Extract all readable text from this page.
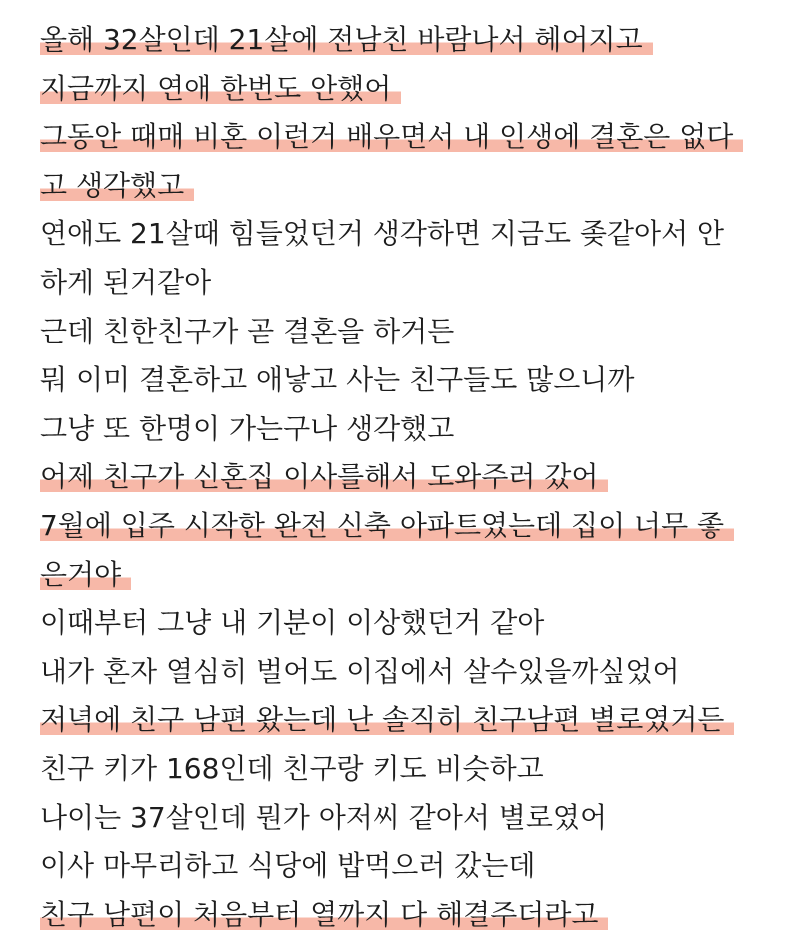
올해 32살인데 21살에 전남친 바람나서 헤어지고
지금까지 연애 한번도 안했어
그동안 때매 비혼 이런거 배우면서 내 인생에 결혼은 없다
고 생각했고
연애도 21살때 힘들었던거 생각하면 지금도 좆같아서 안
하게 된거같아
근데 친한친구가 곧 결혼을 하거든
뭐 이미 결혼하고 애낳고 사는 친구들도 많으니까
그냥 또 한명이 가는구나 생각했고
어제 친구가 신혼집 이사를해서 도와주러 갔어
7월에 입주 시작한 완전 신축 아파트였는데 집이 너무 좋
은거야
이때부터 그냥 내 기분이 이상했던거 같아
내가 혼자 열심히 벌어도 이집에서 살수있을까싶었어
저녁에 친구 남편 왔는데 난 솔직히 친구남편 별로였거든
친구 키가 168인데 친구랑 키도 비슷하고
나이는 37살인데 뭔가 아저씨 같아서 별로였어
이사 마무리하고 식당에 밥먹으러 갔는데
친구 남편이 처음부터 열까지 다 해결주더라고
